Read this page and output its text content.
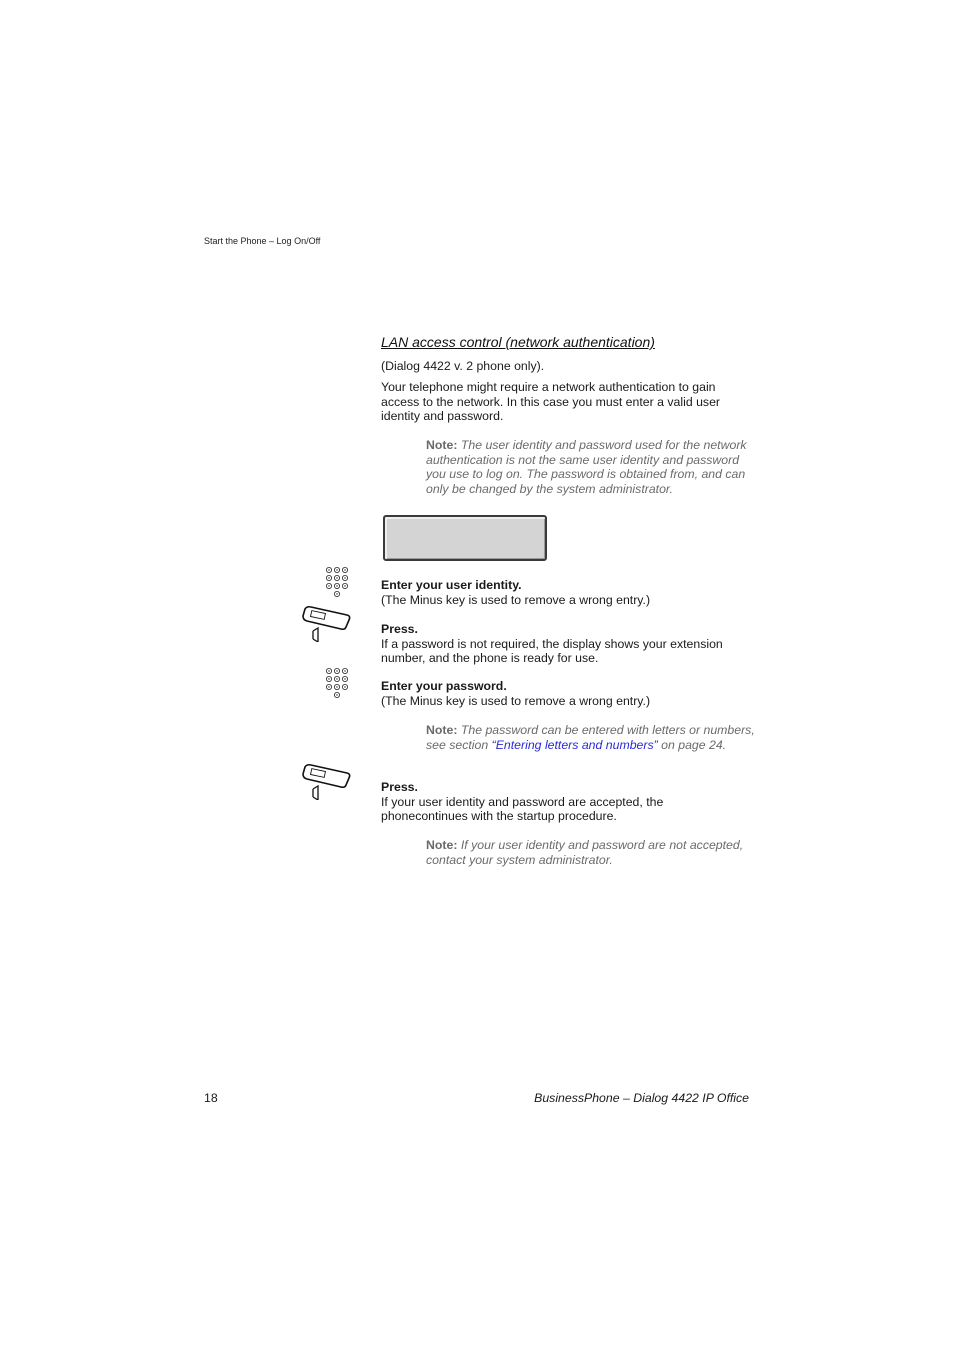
Start the Phone – Log On/Off
LAN access control (network authentication)
(Dialog 4422 v. 2 phone only).
Your telephone might require a network authentication to gain access to the network. In this case you must enter a valid user identity and password.
Note: The user identity and password used for the network authentication is not the same user identity and password you use to log on. The password is obtained from, and can only be changed by the system administrator.
Enter your user identity.
(The Minus key is used to remove a wrong entry.)
Press.
If a password is not required, the display shows your extension number, and the phone is ready for use.
Enter your password.
(The Minus key is used to remove a wrong entry.)
Note: The password can be entered with letters or numbers, see section “Entering letters and numbers” on page 24.
Press.
If your user identity and password are accepted, the phonecontinues with the startup procedure.
Note: If your user identity and password are not accepted, contact your system administrator.
18	BusinessPhone – Dialog 4422 IP Office
